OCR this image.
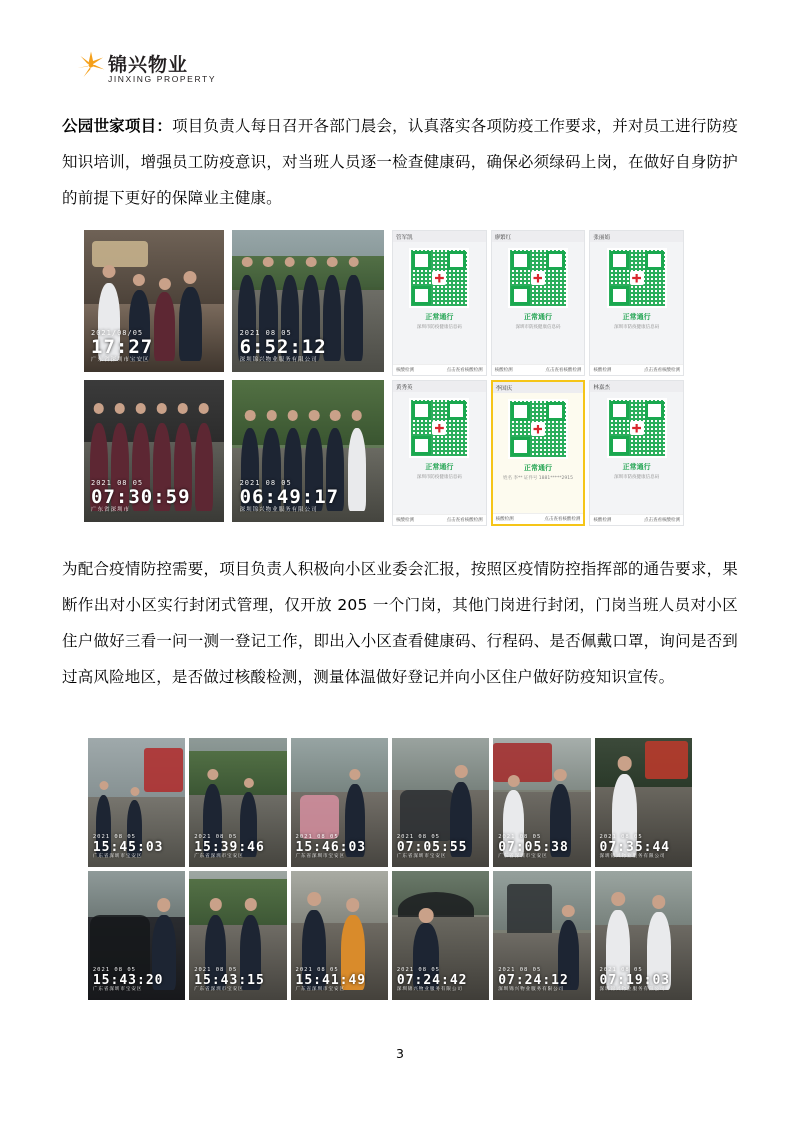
锦兴物业
JINXING PROPERTY
公园世家项目：项目负责人每日召开各部门晨会，认真落实各项防疫工作要求，并对员工进行防疫知识培训，增强员工防疫意识，对当班人员逐一检查健康码，确保必须绿码上岗，在做好自身防护的前提下更好的保障业主健康。
2021/08/05
17:27
广东省深圳市宝安区
2021 08 05
6:52:12
深圳锦兴物业服务有限公司
2021 08 05
07:30:59
广东省深圳市
2021 08 05
06:49:17
深圳锦兴物业服务有限公司
管军凯
正常通行
深圳市防疫健康信息码
核酸检测	点击查看核酸检测
廖繁红
正常通行
深圳市防疫健康信息码
核酸检测	点击查看核酸检测
张丽娟
正常通行
深圳市防疫健康信息码
核酸检测	点击查看核酸检测
黄秀英
正常通行
深圳市防疫健康信息码
核酸检测	点击查看核酸检测
李国庆
正常通行
姓名 李** 证件号 1881*****2915
核酸检测	点击查看核酸检测
林嘉杰
正常通行
深圳市防疫健康信息码
核酸检测	点击查看核酸检测
为配合疫情防控需要，项目负责人积极向小区业委会汇报，按照区疫情防控指挥部的通告要求，果断作出对小区实行封闭式管理，仅开放 205 一个门岗，其他门岗进行封闭，门岗当班人员对小区住户做好三看一问一测一登记工作，即出入小区查看健康码、行程码、是否佩戴口罩，询问是否到过高风险地区，是否做过核酸检测，测量体温做好登记并向小区住户做好防疫知识宣传。
2021 08 05
15:45:03
广东省深圳市宝安区
2021 08 05
15:39:46
广东省深圳市宝安区
2021 08 05
15:46:03
广东省深圳市宝安区
2021 08 05
07:05:55
广东省深圳市宝安区
2021 08 05
07:05:38
广东省深圳市宝安区
2021 08 05
07:35:44
深圳锦兴物业服务有限公司
2021 08 05
15:43:20
广东省深圳市宝安区
2021 08 05
15:43:15
广东省深圳市宝安区
2021 08 05
15:41:49
广东省深圳市宝安区
2021 08 05
07:24:42
深圳锦兴物业服务有限公司
2021 08 05
07:24:12
深圳锦兴物业服务有限公司
2021 08 05
07:19:03
深圳锦兴物业服务有限公司
3
